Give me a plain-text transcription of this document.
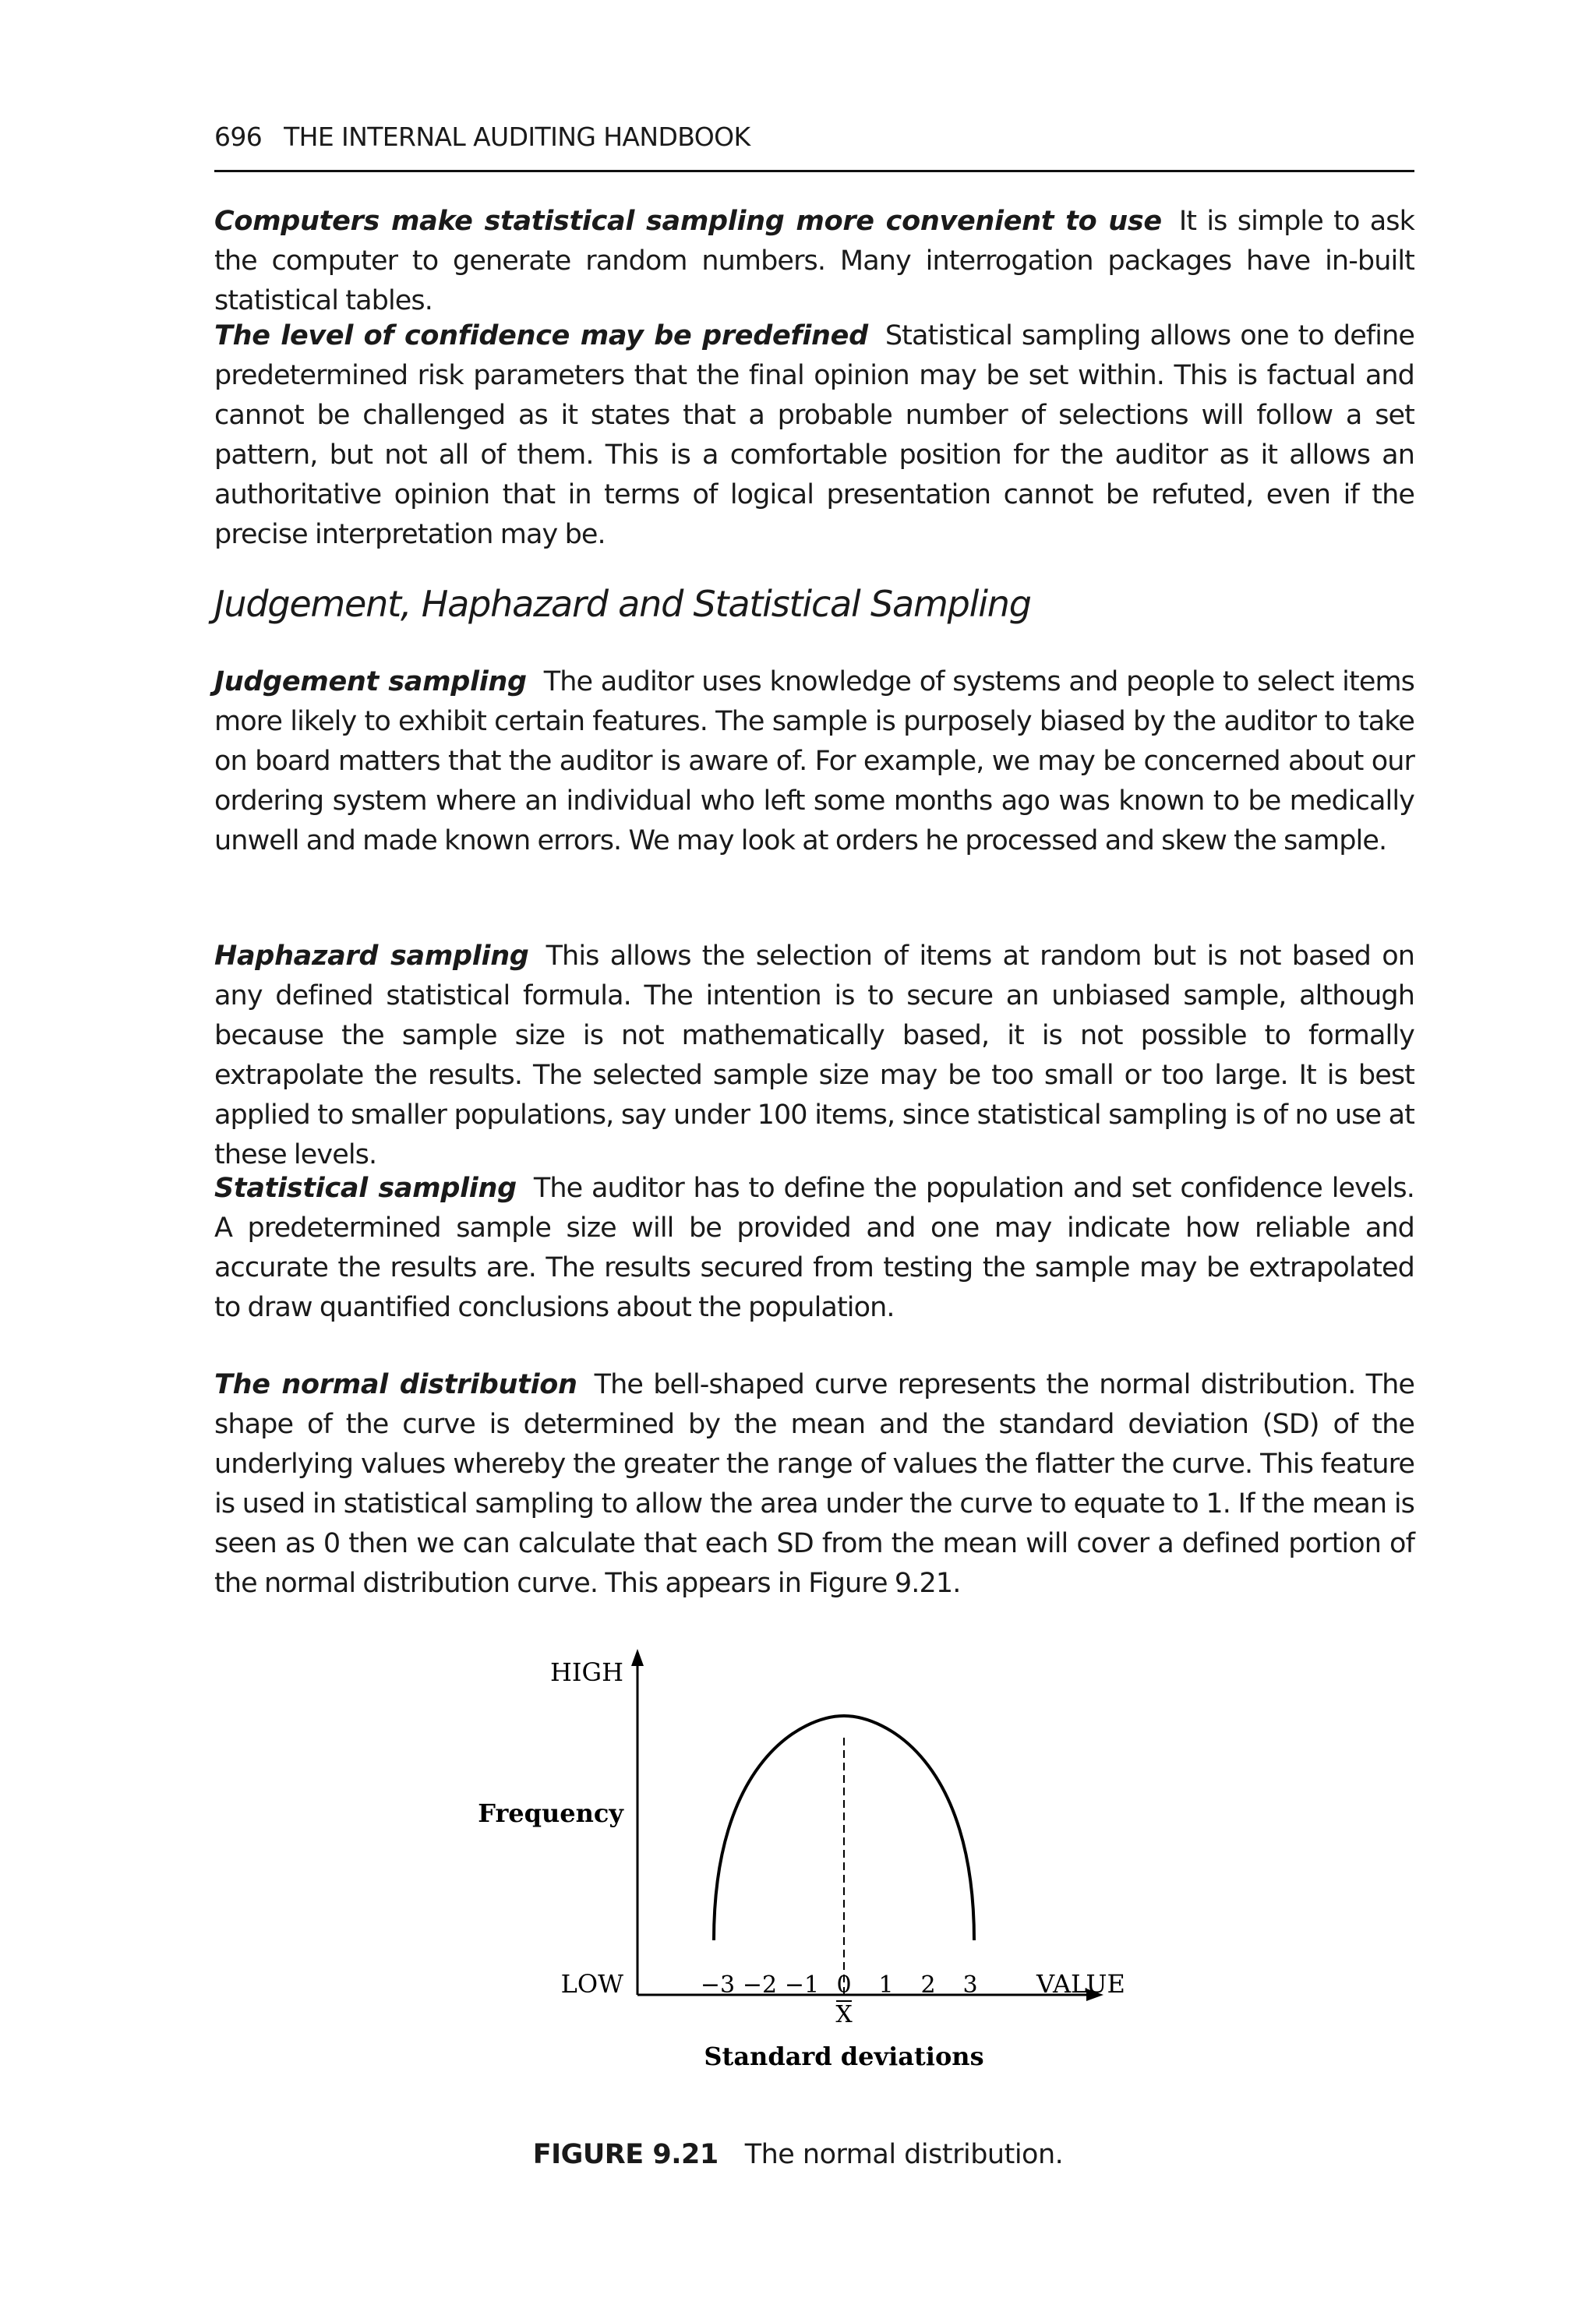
696 THE INTERNAL AUDITING HANDBOOK
Computers make statistical sampling more convenient to use It is simple to ask the computer to generate random numbers. Many interrogation packages have in-built statistical tables.
The level of confidence may be predefined Statistical sampling allows one to define predetermined risk parameters that the final opinion may be set within. This is factual and cannot be challenged as it states that a probable number of selections will follow a set pattern, but not all of them. This is a comfortable position for the auditor as it allows an authoritative opinion that in terms of logical presentation cannot be refuted, even if the precise interpretation may be.
Judgement, Haphazard and Statistical Sampling
Judgement sampling The auditor uses knowledge of systems and people to select items more likely to exhibit certain features. The sample is purposely biased by the auditor to take on board matters that the auditor is aware of. For example, we may be concerned about our ordering system where an individual who left some months ago was known to be medically unwell and made known errors. We may look at orders he processed and skew the sample.
Haphazard sampling This allows the selection of items at random but is not based on any defined statistical formula. The intention is to secure an unbiased sample, although because the sample size is not mathematically based, it is not possible to formally extrapolate the results. The selected sample size may be too small or too large. It is best applied to smaller populations, say under 100 items, since statistical sampling is of no use at these levels.
Statistical sampling The auditor has to define the population and set confidence levels. A predetermined sample size will be provided and one may indicate how reliable and accurate the results are. The results secured from testing the sample may be extrapolated to draw quantified conclusions about the population.
The normal distribution The bell-shaped curve represents the normal distribution. The shape of the curve is determined by the mean and the standard deviation (SD) of the underlying values whereby the greater the range of values the flatter the curve. This feature is used in statistical sampling to allow the area under the curve to equate to 1. If the mean is seen as 0 then we can calculate that each SD from the mean will cover a defined portion of the normal distribution curve. This appears in Figure 9.21.
HIGH
Frequency
LOW	VALUE
−3 −2 −1 0 1 2 3
X
Standard deviations
FIGURE 9.21 The normal distribution.
